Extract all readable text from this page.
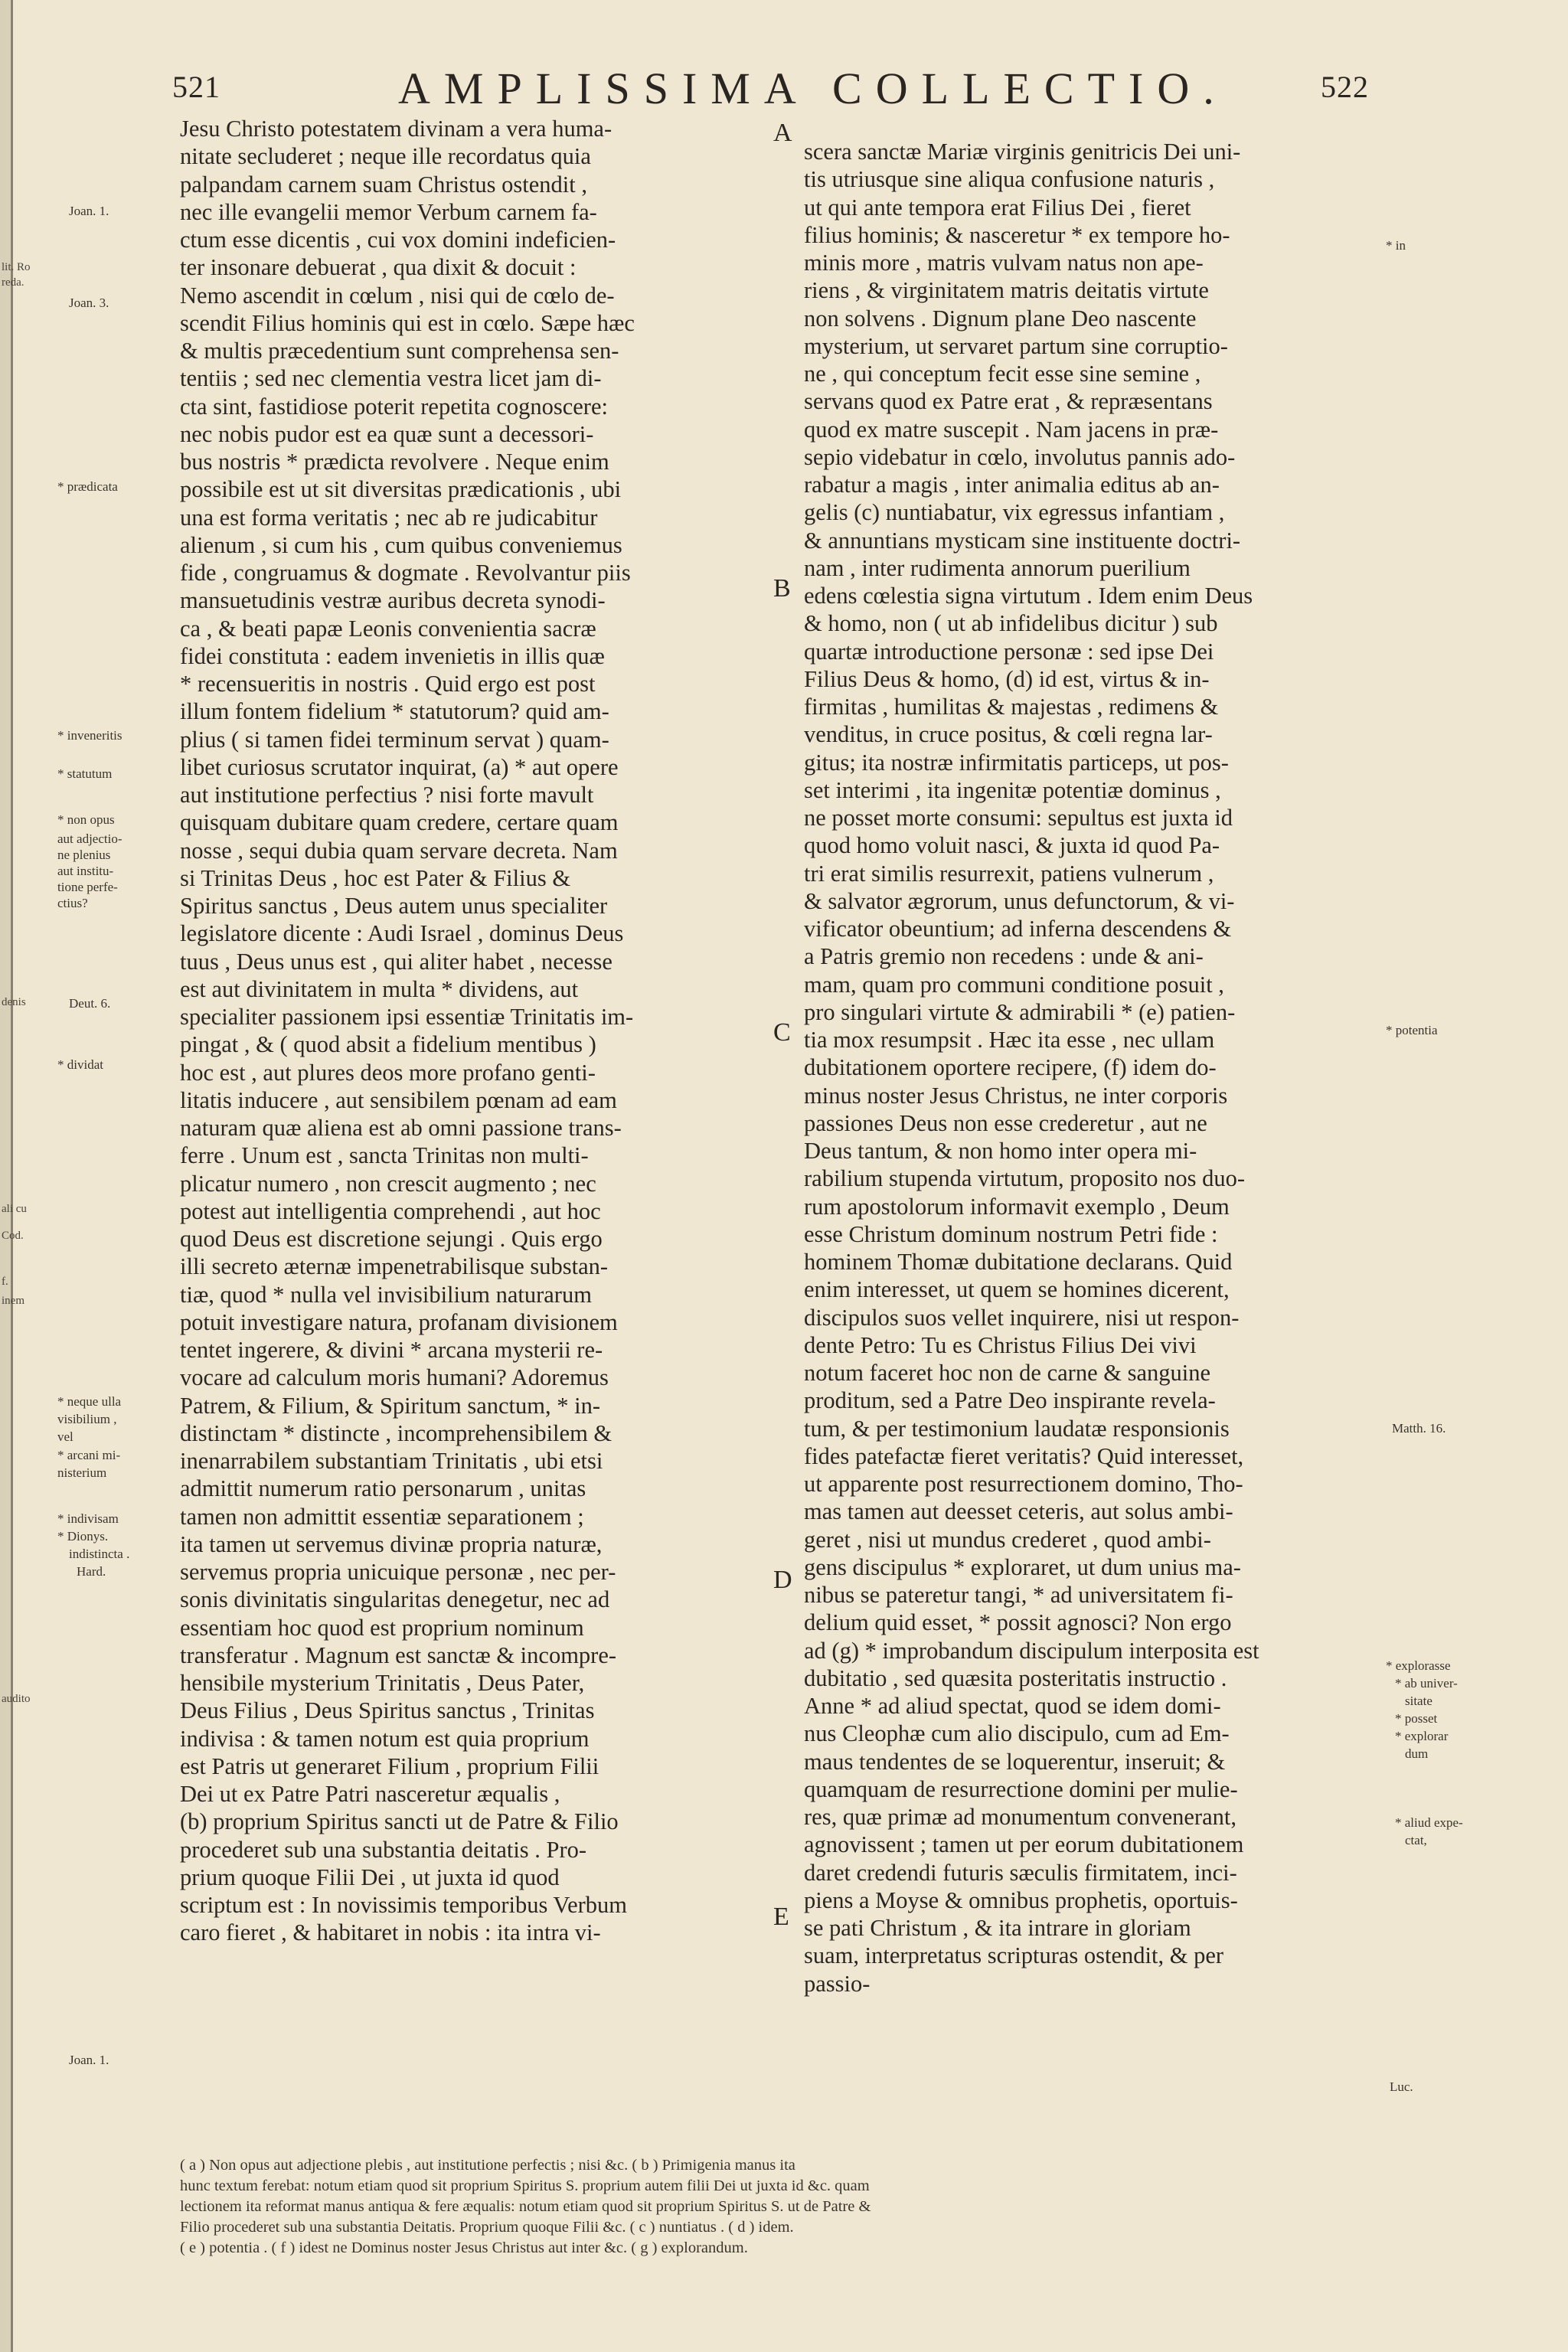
lit. Ro
reda.
denis
ali cu
Cod.
f.
inem
audito
521	AMPLISSIMA COLLECTIO.	522
Jesu Christo potestatem divinam a vera huma-
nitate secluderet ; neque ille recordatus quia
palpandam carnem suam Christus ostendit ,
nec ille evangelii memor Verbum carnem fa-
ctum esse dicentis , cui vox domini indeficien-
ter insonare debuerat , qua dixit & docuit :
Nemo ascendit in cœlum , nisi qui de cœlo de-
scendit Filius hominis qui est in cœlo. Sæpe hæc
& multis præcedentium sunt comprehensa sen-
tentiis ; sed nec clementia vestra licet jam di-
cta sint, fastidiose poterit repetita cognoscere:
nec nobis pudor est ea quæ sunt a decessori-
bus nostris * prædicta revolvere . Neque enim
possibile est ut sit diversitas prædicationis , ubi
una est forma veritatis ; nec ab re judicabitur
alienum , si cum his , cum quibus conveniemus
fide , congruamus & dogmate . Revolvantur piis
mansuetudinis vestræ auribus decreta synodi-
ca , & beati papæ Leonis convenientia sacræ
fidei constituta : eadem invenietis in illis quæ
* recensueritis in nostris . Quid ergo est post
illum fontem fidelium * statutorum? quid am-
plius ( si tamen fidei terminum servat ) quam-
libet curiosus scrutator inquirat, (a) * aut opere
aut institutione perfectius ? nisi forte mavult
quisquam dubitare quam credere, certare quam
nosse , sequi dubia quam servare decreta. Nam
si Trinitas Deus , hoc est Pater & Filius &
Spiritus sanctus , Deus autem unus specialiter
legislatore dicente : Audi Israel , dominus Deus
tuus , Deus unus est , qui aliter habet , necesse
est aut divinitatem in multa * dividens, aut
specialiter passionem ipsi essentiæ Trinitatis im-
pingat , & ( quod absit a fidelium mentibus )
hoc est , aut plures deos more profano genti-
litatis inducere , aut sensibilem pœnam ad eam
naturam quæ aliena est ab omni passione trans-
ferre . Unum est , sancta Trinitas non multi-
plicatur numero , non crescit augmento ; nec
potest aut intelligentia comprehendi , aut hoc
quod Deus est discretione sejungi . Quis ergo
illi secreto æternæ impenetrabilisque substan-
tiæ, quod * nulla vel invisibilium naturarum
potuit investigare natura, profanam divisionem
tentet ingerere, & divini * arcana mysterii re-
vocare ad calculum moris humani? Adoremus
Patrem, & Filium, & Spiritum sanctum, * in-
distinctam * distincte , incomprehensibilem &
inenarrabilem substantiam Trinitatis , ubi etsi
admittit numerum ratio personarum , unitas
tamen non admittit essentiæ separationem ;
ita tamen ut servemus divinæ propria naturæ,
servemus propria unicuique personæ , nec per-
sonis divinitatis singularitas denegetur, nec ad
essentiam hoc quod est proprium nominum
transferatur . Magnum est sanctæ & incompre-
hensibile mysterium Trinitatis , Deus Pater,
Deus Filius , Deus Spiritus sanctus , Trinitas
indivisa : & tamen notum est quia proprium
est Patris ut generaret Filium , proprium Filii
Dei ut ex Patre Patri nasceretur æqualis ,
(b) proprium Spiritus sancti ut de Patre & Filio
procederet sub una substantia deitatis . Pro-
prium quoque Filii Dei , ut juxta id quod
scriptum est : In novissimis temporibus Verbum
caro fieret , & habitaret in nobis : ita intra vi-
scera sanctæ Mariæ virginis genitricis Dei uni-
tis utriusque sine aliqua confusione naturis ,
ut qui ante tempora erat Filius Dei , fieret
filius hominis; & nasceretur * ex tempore ho-
minis more , matris vulvam natus non ape-
riens , & virginitatem matris deitatis virtute
non solvens . Dignum plane Deo nascente
mysterium, ut servaret partum sine corruptio-
ne , qui conceptum fecit esse sine semine ,
servans quod ex Patre erat , & repræsentans
quod ex matre suscepit . Nam jacens in præ-
sepio videbatur in cœlo, involutus pannis ado-
rabatur a magis , inter animalia editus ab an-
gelis (c) nuntiabatur, vix egressus infantiam ,
& annuntians mysticam sine instituente doctri-
nam , inter rudimenta annorum puerilium
edens cœlestia signa virtutum . Idem enim Deus
& homo, non ( ut ab infidelibus dicitur ) sub
quartæ introductione personæ : sed ipse Dei
Filius Deus & homo, (d) id est, virtus & in-
firmitas , humilitas & majestas , redimens &
venditus, in cruce positus, & cœli regna lar-
gitus; ita nostræ infirmitatis particeps, ut pos-
set interimi , ita ingenitæ potentiæ dominus ,
ne posset morte consumi: sepultus est juxta id
quod homo voluit nasci, & juxta id quod Pa-
tri erat similis resurrexit, patiens vulnerum ,
& salvator ægrorum, unus defunctorum, & vi-
vificator obeuntium; ad inferna descendens &
a Patris gremio non recedens : unde & ani-
mam, quam pro communi conditione posuit ,
pro singulari virtute & admirabili * (e) patien-
tia mox resumpsit . Hæc ita esse , nec ullam
dubitationem oportere recipere, (f) idem do-
minus noster Jesus Christus, ne inter corporis
passiones Deus non esse crederetur , aut ne
Deus tantum, & non homo inter opera mi-
rabilium stupenda virtutum, proposito nos duo-
rum apostolorum informavit exemplo , Deum
esse Christum dominum nostrum Petri fide :
hominem Thomæ dubitatione declarans. Quid
enim interesset, ut quem se homines dicerent,
discipulos suos vellet inquirere, nisi ut respon-
dente Petro: Tu es Christus Filius Dei vivi
notum faceret hoc non de carne & sanguine
proditum, sed a Patre Deo inspirante revela-
tum, & per testimonium laudatæ responsionis
fides patefactæ fieret veritatis? Quid interesset,
ut apparente post resurrectionem domino, Tho-
mas tamen aut deesset ceteris, aut solus ambi-
geret , nisi ut mundus crederet , quod ambi-
gens discipulus * exploraret, ut dum unius ma-
nibus se pateretur tangi, * ad universitatem fi-
delium quid esset, * possit agnosci? Non ergo
ad (g) * improbandum discipulum interposita est
dubitatio , sed quæsita posteritatis instructio .
Anne * ad aliud spectat, quod se idem domi-
nus Cleophæ cum alio discipulo, cum ad Em-
maus tendentes de se loquerentur, inseruit; &
quamquam de resurrectione domini per mulie-
res, quæ primæ ad monumentum convenerant,
agnovissent ; tamen ut per eorum dubitationem
daret credendi futuris sæculis firmitatem, inci-
piens a Moyse & omnibus prophetis, oportuis-
se pati Christum , & ita intrare in gloriam
suam, interpretatus scripturas ostendit, & per
passio-
A
B
C
D
E
Joan. 1.
Joan. 3.
* prædicata
* inveneritis
* statutum
* non opus
aut adjectio-
ne plenius
aut institu-
tione perfe-
ctius?
Deut. 6.
* dividat
* neque ulla
visibilium ,
vel
* arcani mi-
nisterium
* indivisam
* Dionys.
indistincta .
Hard.
Joan. 1.
* in
* potentia
Matth. 16.
* explorasse
* ab univer-
sitate
* posset
* explorar
dum
* aliud expe-
ctat,
Luc.
( a ) Non opus aut adjectione plebis , aut institutione perfectis ; nisi &c. ( b ) Primigenia manus ita
hunc textum ferebat: notum etiam quod sit proprium Spiritus S. proprium autem filii Dei ut juxta id &c. quam
lectionem ita reformat manus antiqua & fere æqualis: notum etiam quod sit proprium Spiritus S. ut de Patre &
Filio procederet sub una substantia Deitatis. Proprium quoque Filii &c. ( c ) nuntiatus . ( d ) idem.
( e ) potentia . ( f ) idest ne Dominus noster Jesus Christus aut inter &c. ( g ) explorandum.
